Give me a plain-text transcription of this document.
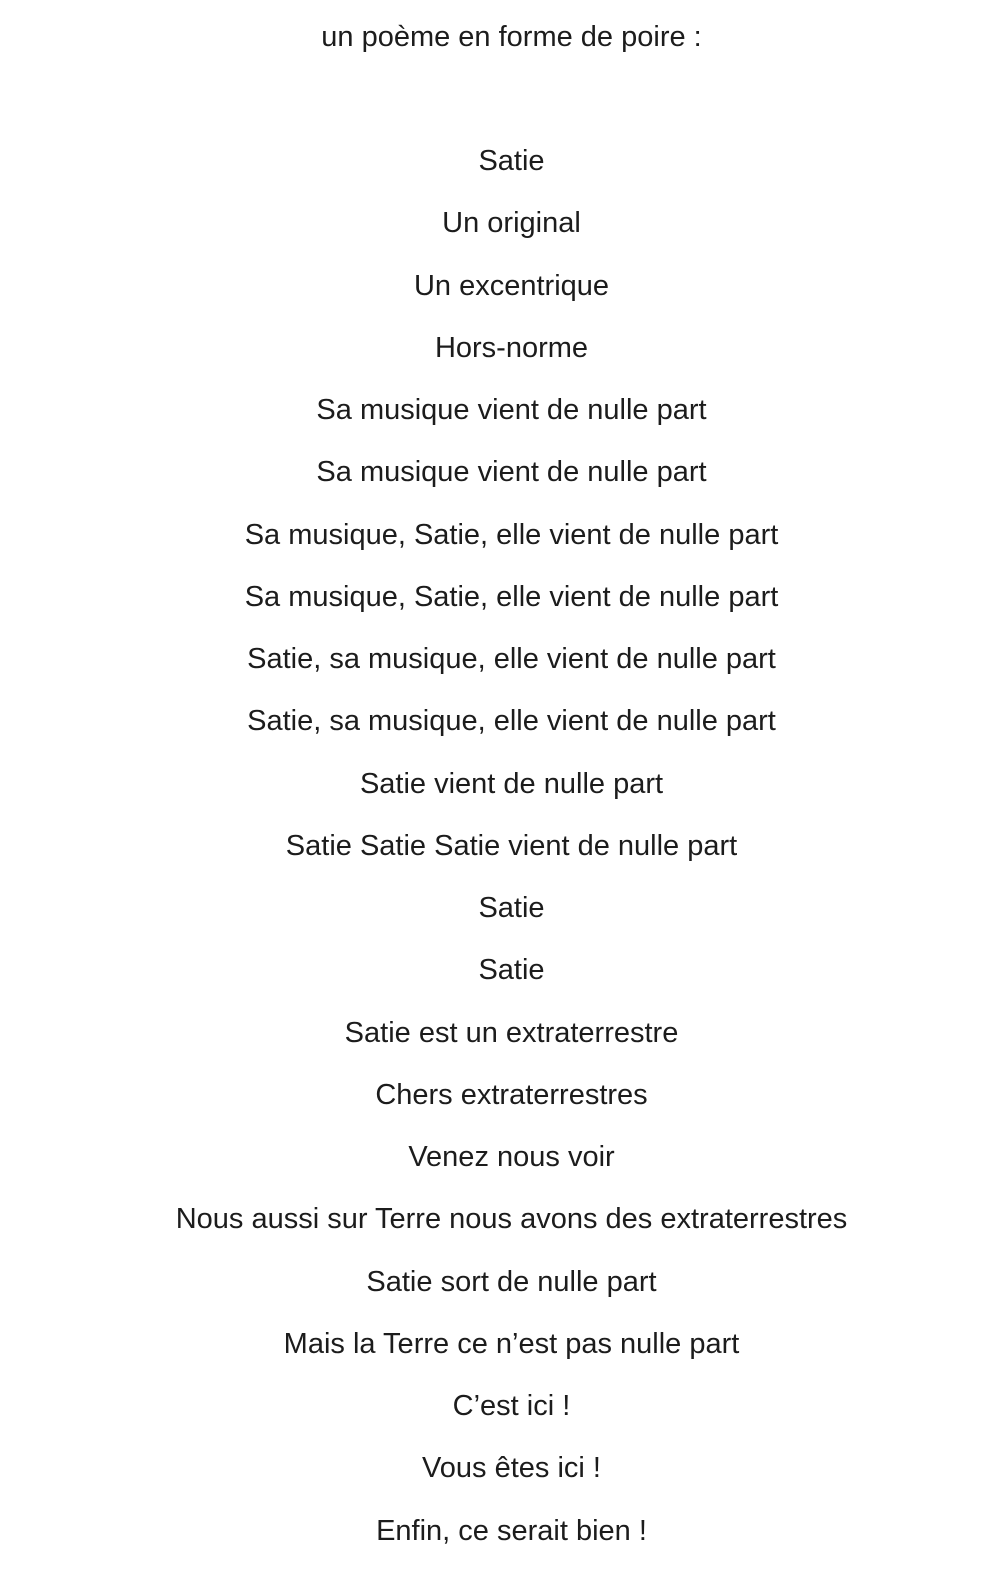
un poème en forme de poire :
Satie
Un original
Un excentrique
Hors-norme
Sa musique vient de nulle part
Sa musique vient de nulle part
Sa musique, Satie, elle vient de nulle part
Sa musique, Satie, elle vient de nulle part
Satie, sa musique, elle vient de nulle part
Satie, sa musique, elle vient de nulle part
Satie vient de nulle part
Satie Satie Satie vient de nulle part
Satie
Satie
Satie est un extraterrestre
Chers extraterrestres
Venez nous voir
Nous aussi sur Terre nous avons des extraterrestres
Satie sort de nulle part
Mais la Terre ce n’est pas nulle part
C’est ici !
Vous êtes ici !
Enfin, ce serait bien !
